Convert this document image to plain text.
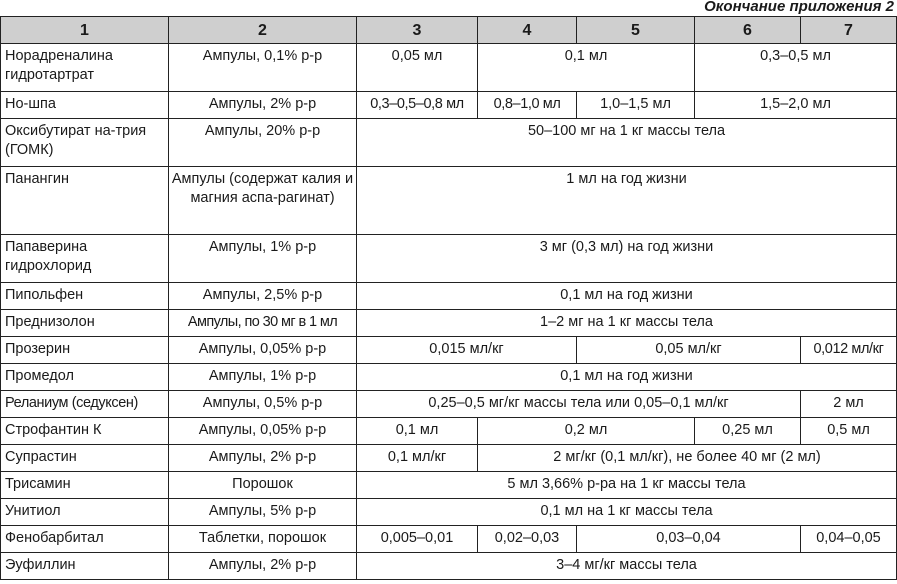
Окончание приложения 2
1	2	3	4	5	6	7
Норадреналина гидротартрат	Ампулы, 0,1% р-р	0,05 мл	0,1 мл		0,3–0,5 мл	
Но-шпа	Ампулы, 2% р-р	0,3–0,5–0,8 мл	0,8–1,0 мл	1,0–1,5 мл	1,5–2,0 мл	
Оксибутират на-трия (ГОМК)	Ампулы, 20% р-р	50–100 мг на 1 кг массы тела				
Панангин	Ампулы (содержат калия и магния аспа-рагинат)	1 мл на год жизни				
Папаверина гидрохлорид	Ампулы, 1% р-р	3 мг (0,3 мл) на год жизни				
Пипольфен	Ампулы, 2,5% р-р	0,1 мл на год жизни				
Преднизолон	Ампулы, по 30 мг в 1 мл	1–2 мг на 1 кг массы тела				
Прозерин	Ампулы, 0,05% р-р	0,015 мл/кг		0,05 мл/кг		0,012 мл/кг
Промедол	Ампулы, 1% р-р	0,1 мл на год жизни				
Реланиум (седуксен)	Ампулы, 0,5% р-р	0,25–0,5 мг/кг массы тела или 0,05–0,1 мл/кг				2 мл
Строфантин К	Ампулы, 0,05% р-р	0,1 мл	0,2 мл		0,25 мл	0,5 мл
Супрастин	Ампулы, 2% р-р	0,1 мл/кг	2 мг/кг (0,1 мл/кг), не более 40 мг (2 мл)			
Трисамин	Порошок	5 мл 3,66% р-ра на 1 кг массы тела				
Унитиол	Ампулы, 5% р-р	0,1 мл на 1 кг массы тела				
Фенобарбитал	Таблетки, порошок	0,005–0,01	0,02–0,03	0,03–0,04		0,04–0,05
Эуфиллин	Ампулы, 2% р-р	3–4 мг/кг массы тела				
